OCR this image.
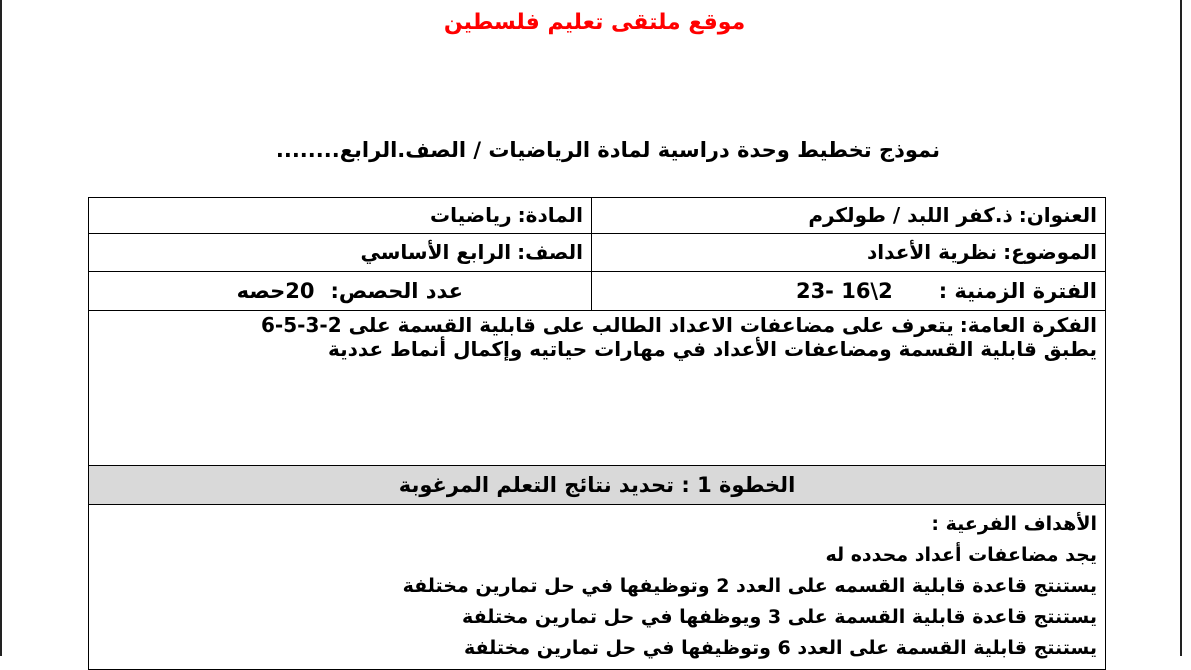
موقع ملتقى تعليم فلسطين
نموذج تخطيط وحدة دراسية لمادة الرياضيات / الصف.الرابع........
العنوان:ذ.كفر اللبد / طولكرم	المادة:رياضيات
الموضوع:نظرية الأعداد	الصف:الرابع الأساسي
الفترة الزمنية :23- 16\2	عدد الحصص:20حصه

الفكرة العامة:يتعرف على مضاعفات الاعداد الطالب على قابلية القسمة على 2-3-5-6
يطبق قابلية القسمة ومضاعفات الأعداد في مهارات حياتيه وإكمال أنماط عددية	

الخطوة 1 : تحديد نتائج التعلم المرغوبة	

الأهداف الفرعية :
يجد مضاعفات أعداد محدده له
يستنتج قاعدة قابلية القسمه على العدد 2 وتوظيفها في حل تمارين مختلفة
يستنتج قاعدة قابلية القسمة على 3 ويوظفها في حل تمارين مختلفة
يستنتج قابلية القسمة على العدد 6 وتوظيفها في حل تمارين مختلفة	
